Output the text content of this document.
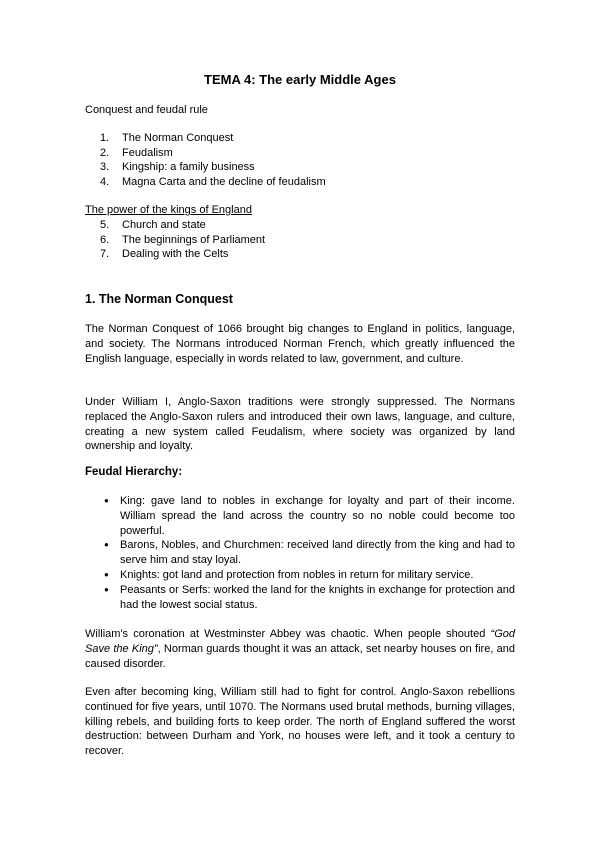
TEMA 4: The early Middle Ages
Conquest and feudal rule
1. The Norman Conquest
2. Feudalism
3. Kingship: a family business
4. Magna Carta and the decline of feudalism
The power of the kings of England
5. Church and state
6. The beginnings of Parliament
7. Dealing with the Celts
1. The Norman Conquest

The Norman Conquest of 1066 brought big changes to England in politics, language, and society. The Normans introduced Norman French, which greatly influenced the English language, especially in words related to law, government, and culture.

Under William I, Anglo-Saxon traditions were strongly suppressed. The Normans replaced the Anglo-Saxon rulers and introduced their own laws, language, and culture, creating a new system called Feudalism, where society was organized by land ownership and loyalty.

Feudal Hierarchy:
● King: gave land to nobles in exchange for loyalty and part of their income. William spread the land across the country so no noble could become too powerful.
● Barons, Nobles, and Churchmen: received land directly from the king and had to serve him and stay loyal.
● Knights: got land and protection from nobles in return for military service.
● Peasants or Serfs: worked the land for the knights in exchange for protection and had the lowest social status.

William's coronation at Westminster Abbey was chaotic. When people shouted “God Save the King”, Norman guards thought it was an attack, set nearby houses on fire, and caused disorder.

Even after becoming king, William still had to fight for control. Anglo-Saxon rebellions continued for five years, until 1070. The Normans used brutal methods, burning villages, killing rebels, and building forts to keep order. The north of England suffered the worst destruction: between Durham and York, no houses were left, and it took a century to recover.
